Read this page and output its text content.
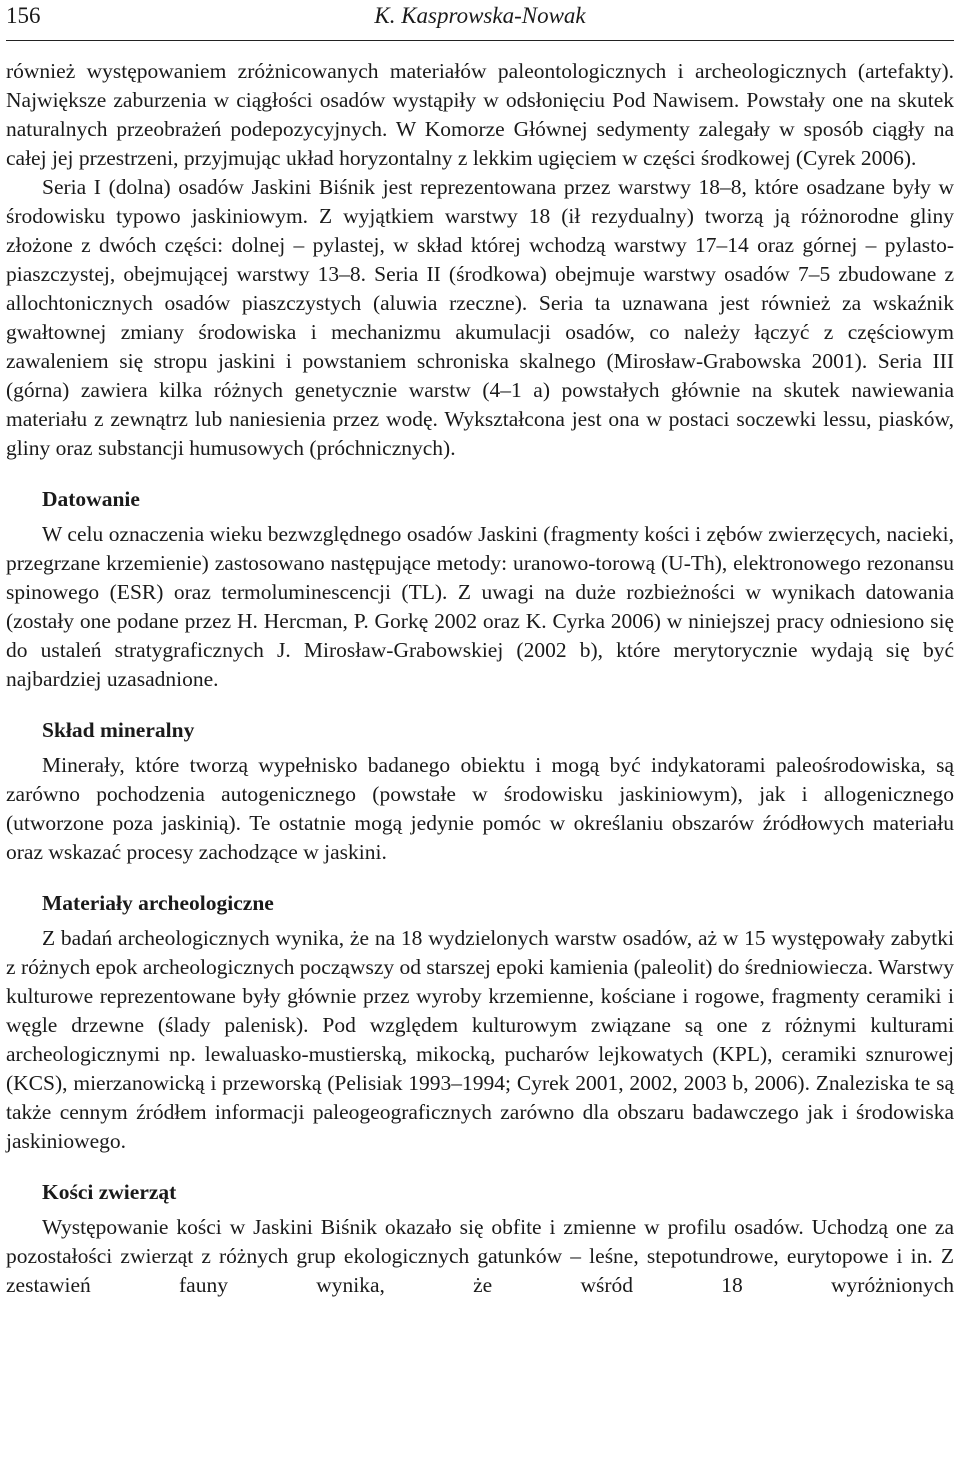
156	K. Kasprowska-Nowak

również występowaniem zróżnicowanych materiałów paleontologicznych i archeologicznych (artefakty). Największe zaburzenia w ciągłości osadów wystąpiły w odsłonięciu Pod Nawisem. Powstały one na skutek naturalnych przeobrażeń podepozycyjnych. W Komorze Głównej sedymenty zalegały w sposób ciągły na całej jej przestrzeni, przyjmując układ horyzontalny z lekkim ugięciem w części środkowej (Cyrek 2006).

Seria I (dolna) osadów Jaskini Biśnik jest reprezentowana przez warstwy 18–8, które osadzane były w środowisku typowo jaskiniowym. Z wyjątkiem warstwy 18 (ił rezydualny) tworzą ją różnorodne gliny złożone z dwóch części: dolnej – pylastej, w skład której wchodzą warstwy 17–14 oraz górnej – pylasto-piaszczystej, obejmującej warstwy 13–8. Seria II (środkowa) obejmuje warstwy osadów 7–5 zbudowane z allochtonicznych osadów piaszczystych (aluwia rzeczne). Seria ta uznawana jest również za wskaźnik gwałtownej zmiany środowiska i mechanizmu akumulacji osadów, co należy łączyć z częściowym zawaleniem się stropu jaskini i powstaniem schroniska skalnego (Mirosław-Grabowska 2001). Seria III (górna) zawiera kilka różnych genetycznie warstw (4–1 a) powstałych głównie na skutek nawiewania materiału z zewnątrz lub naniesienia przez wodę. Wykształcona jest ona w postaci soczewki lessu, piasków, gliny oraz substancji humusowych (próchnicznych).

Datowanie

W celu oznaczenia wieku bezwzględnego osadów Jaskini (fragmenty kości i zębów zwierzęcych, nacieki, przegrzane krzemienie) zastosowano następujące metody: uranowo-torową (U-Th), elektronowego rezonansu spinowego (ESR) oraz termoluminescencji (TL). Z uwagi na duże rozbieżności w wynikach datowania (zostały one podane przez H. Hercman, P. Gorkę 2002 oraz K. Cyrka 2006) w niniejszej pracy odniesiono się do ustaleń stratygraficznych J. Mirosław-Grabowskiej (2002 b), które merytorycznie wydają się być najbardziej uzasadnione.

Skład mineralny

Minerały, które tworzą wypełnisko badanego obiektu i mogą być indykatorami paleośrodowiska, są zarówno pochodzenia autogenicznego (powstałe w środowisku jaskiniowym), jak i allogenicznego (utworzone poza jaskinią). Te ostatnie mogą jedynie pomóc w określaniu obszarów źródłowych materiału oraz wskazać procesy zachodzące w jaskini.

Materiały archeologiczne

Z badań archeologicznych wynika, że na 18 wydzielonych warstw osadów, aż w 15 występowały zabytki z różnych epok archeologicznych począwszy od starszej epoki kamienia (paleolit) do średniowiecza. Warstwy kulturowe reprezentowane były głównie przez wyroby krzemienne, kościane i rogowe, fragmenty ceramiki i węgle drzewne (ślady palenisk). Pod względem kulturowym związane są one z różnymi kulturami archeologicznymi np. lewaluasko-mustierską, mikocką, pucharów lejkowatych (KPL), ceramiki sznurowej (KCS), mierzanowicką i przeworską (Pelisiak 1993–1994; Cyrek 2001, 2002, 2003 b, 2006). Znaleziska te są także cennym źródłem informacji paleogeograficznych zarówno dla obszaru badawczego jak i środowiska jaskiniowego.

Kości zwierząt

Występowanie kości w Jaskini Biśnik okazało się obfite i zmienne w profilu osadów. Uchodzą one za pozostałości zwierząt z różnych grup ekologicznych gatunków – leśne, stepotundrowe, eurytopowe i in. Z zestawień fauny wynika, że wśród 18 wyróżnionych
